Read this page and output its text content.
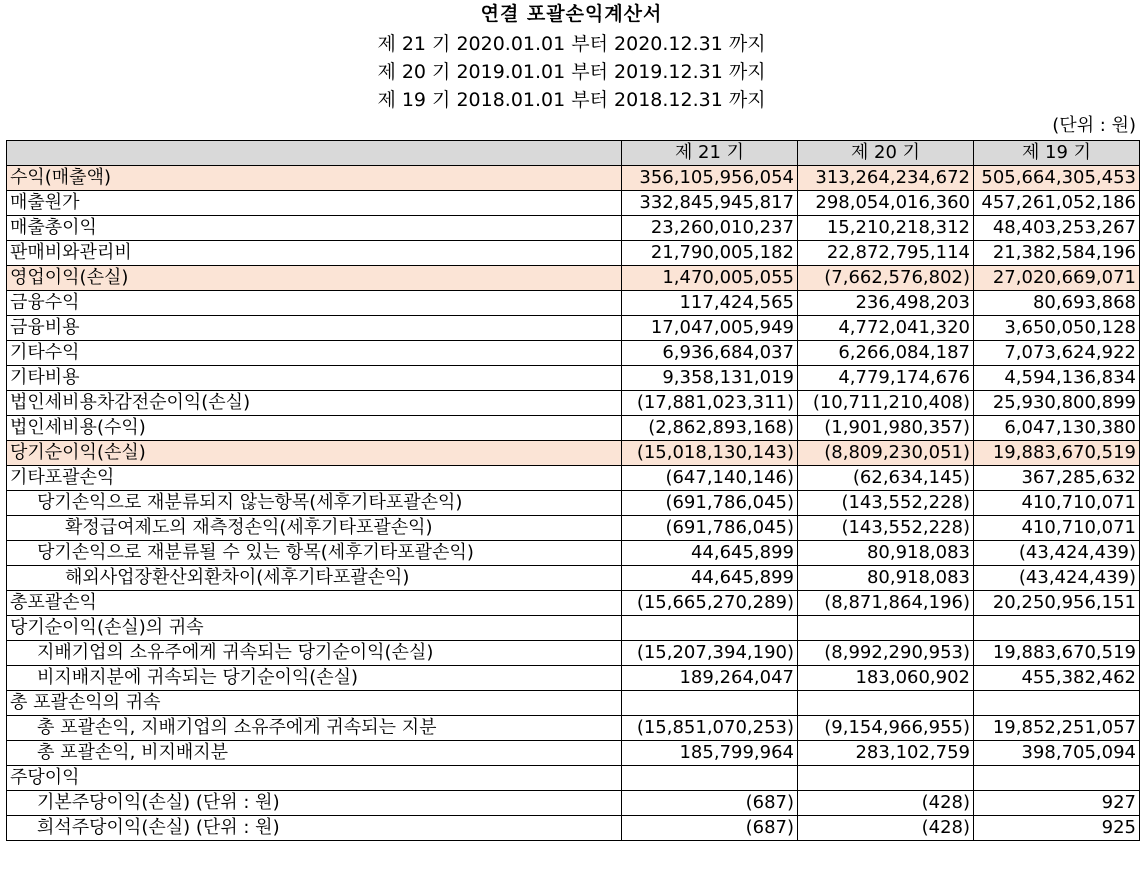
연결 포괄손익계산서
제 21 기 2020.01.01 부터 2020.12.31 까지
제 20 기 2019.01.01 부터 2019.12.31 까지
제 19 기 2018.01.01 부터 2018.12.31 까지
(단위 : 원)
	제 21 기	제 20 기	제 19 기
수익(매출액)	356,105,956,054	313,264,234,672	505,664,305,453
매출원가	332,845,945,817	298,054,016,360	457,261,052,186
매출총이익	23,260,010,237	15,210,218,312	48,403,253,267
판매비와관리비	21,790,005,182	22,872,795,114	21,382,584,196
영업이익(손실)	1,470,005,055	(7,662,576,802)	27,020,669,071
금융수익	117,424,565	236,498,203	80,693,868
금융비용	17,047,005,949	4,772,041,320	3,650,050,128
기타수익	6,936,684,037	6,266,084,187	7,073,624,922
기타비용	9,358,131,019	4,779,174,676	4,594,136,834
법인세비용차감전순이익(손실)	(17,881,023,311)	(10,711,210,408)	25,930,800,899
법인세비용(수익)	(2,862,893,168)	(1,901,980,357)	6,047,130,380
당기순이익(손실)	(15,018,130,143)	(8,809,230,051)	19,883,670,519
기타포괄손익	(647,140,146)	(62,634,145)	367,285,632
당기손익으로 재분류되지 않는항목(세후기타포괄손익)	(691,786,045)	(143,552,228)	410,710,071
확정급여제도의 재측정손익(세후기타포괄손익)	(691,786,045)	(143,552,228)	410,710,071
당기손익으로 재분류될 수 있는 항목(세후기타포괄손익)	44,645,899	80,918,083	(43,424,439)
해외사업장환산외환차이(세후기타포괄손익)	44,645,899	80,918,083	(43,424,439)
총포괄손익	(15,665,270,289)	(8,871,864,196)	20,250,956,151
당기순이익(손실)의 귀속			
지배기업의 소유주에게 귀속되는 당기순이익(손실)	(15,207,394,190)	(8,992,290,953)	19,883,670,519
비지배지분에 귀속되는 당기순이익(손실)	189,264,047	183,060,902	455,382,462
총 포괄손익의 귀속			
총 포괄손익, 지배기업의 소유주에게 귀속되는 지분	(15,851,070,253)	(9,154,966,955)	19,852,251,057
총 포괄손익, 비지배지분	185,799,964	283,102,759	398,705,094
주당이익			
기본주당이익(손실) (단위 : 원)	(687)	(428)	927
희석주당이익(손실) (단위 : 원)	(687)	(428)	925
